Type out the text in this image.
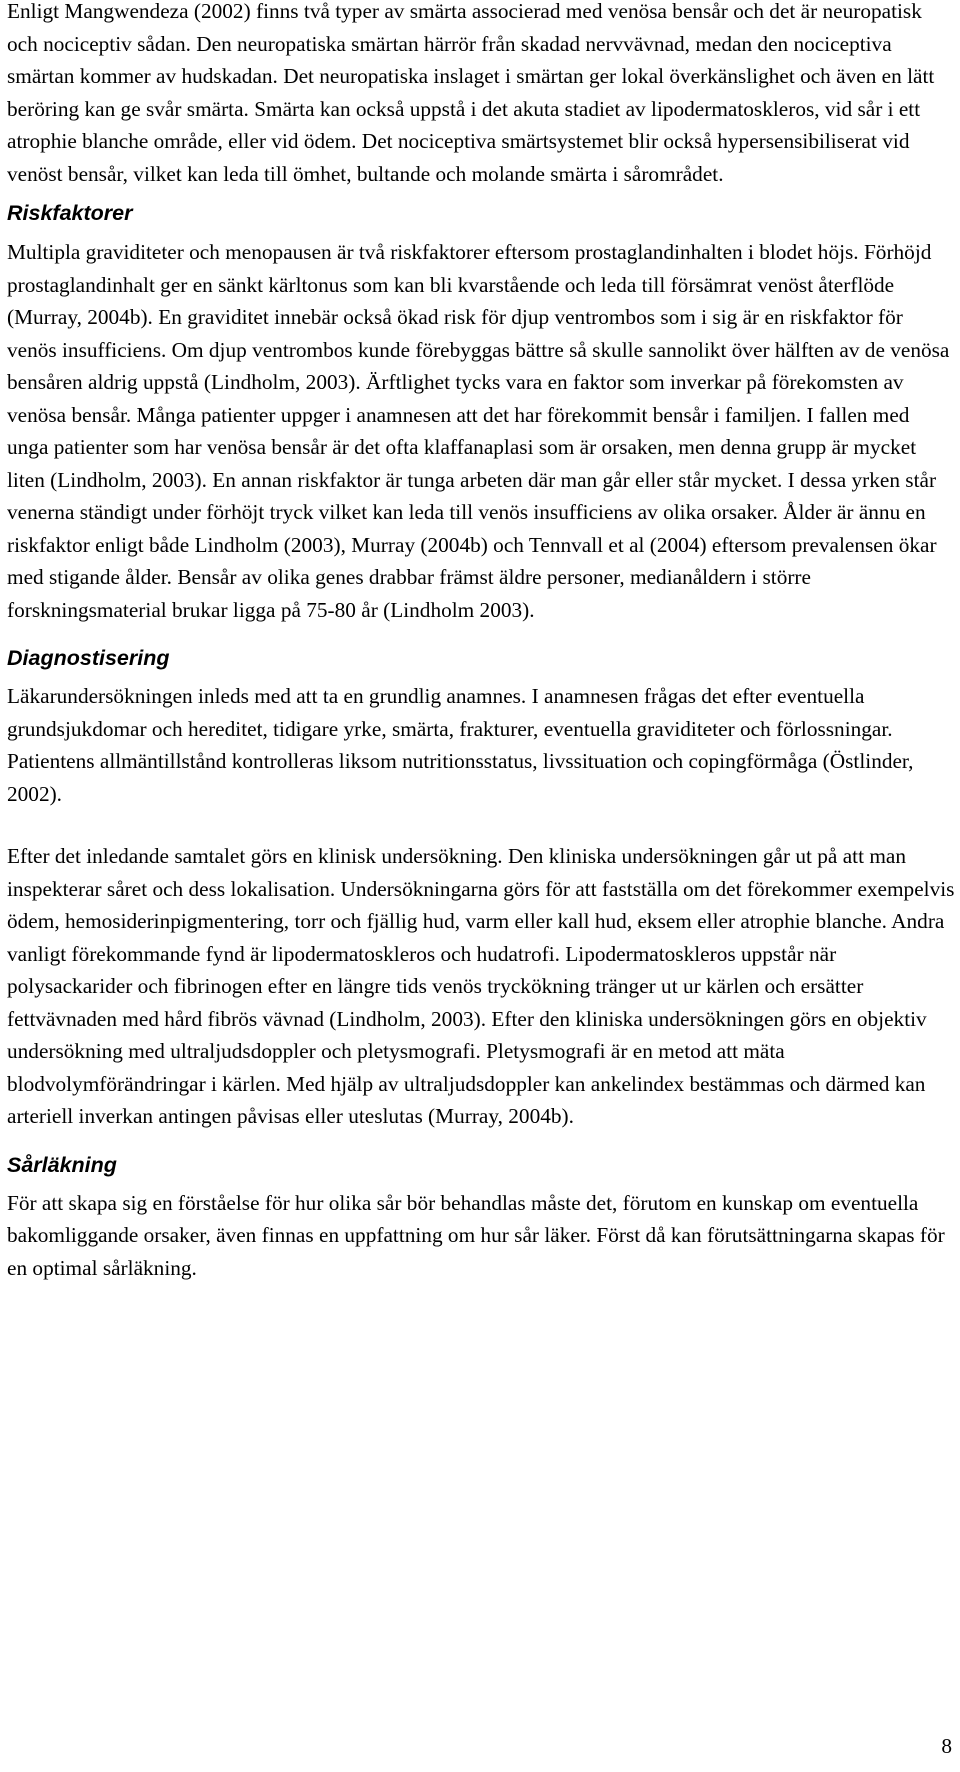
Enligt Mangwendeza (2002) finns två typer av smärta associerad med venösa bensår och det är neuropatisk och nociceptiv sådan. Den neuropatiska smärtan härrör från skadad nervvävnad, medan den nociceptiva smärtan kommer av hudskadan. Det neuropatiska inslaget i smärtan ger lokal överkänslighet och även en lätt beröring kan ge svår smärta. Smärta kan också uppstå i det akuta stadiet av lipodermatoskleros, vid sår i ett atrophie blanche område, eller vid ödem. Det nociceptiva smärtsystemet blir också hypersensibiliserat vid venöst bensår, vilket kan leda till ömhet, bultande och molande smärta i sårområdet.

Riskfaktorer

Multipla graviditeter och menopausen är två riskfaktorer eftersom prostaglandinhalten i blodet höjs. Förhöjd prostaglandinhalt ger en sänkt kärltonus som kan bli kvarstående och leda till försämrat venöst återflöde (Murray, 2004b). En graviditet innebär också ökad risk för djup ventrombos som i sig är en riskfaktor för venös insufficiens. Om djup ventrombos kunde förebyggas bättre så skulle sannolikt över hälften av de venösa bensåren aldrig uppstå (Lindholm, 2003). Ärftlighet tycks vara en faktor som inverkar på förekomsten av venösa bensår. Många patienter uppger i anamnesen att det har förekommit bensår i familjen. I fallen med unga patienter som har venösa bensår är det ofta klaffanaplasi som är orsaken, men denna grupp är mycket liten (Lindholm, 2003). En annan riskfaktor är tunga arbeten där man går eller står mycket. I dessa yrken står venerna ständigt under förhöjt tryck vilket kan leda till venös insufficiens av olika orsaker. Ålder är ännu en riskfaktor enligt både Lindholm (2003), Murray (2004b) och Tennvall et al (2004) eftersom prevalensen ökar med stigande ålder. Bensår av olika genes drabbar främst äldre personer, medianåldern i större forskningsmaterial brukar ligga på 75-80 år (Lindholm 2003).

Diagnostisering

Läkarundersökningen inleds med att ta en grundlig anamnes. I anamnesen frågas det efter eventuella grundsjukdomar och hereditet, tidigare yrke, smärta, frakturer, eventuella graviditeter och förlossningar. Patientens allmäntillstånd kontrolleras liksom nutritionsstatus, livssituation och copingförmåga (Östlinder, 2002).

Efter det inledande samtalet görs en klinisk undersökning. Den kliniska undersökningen går ut på att man inspekterar såret och dess lokalisation. Undersökningarna görs för att fastställa om det förekommer exempelvis ödem, hemosiderinpigmentering, torr och fjällig hud, varm eller kall hud, eksem eller atrophie blanche. Andra vanligt förekommande fynd är lipodermatoskleros och hudatrofi. Lipodermatoskleros uppstår när polysackarider och fibrinogen efter en längre tids venös tryckökning tränger ut ur kärlen och ersätter fettvävnaden med hård fibrös vävnad (Lindholm, 2003). Efter den kliniska undersökningen görs en objektiv undersökning med ultraljudsdoppler och pletysmografi. Pletysmografi är en metod att mäta blodvolymförändringar i kärlen. Med hjälp av ultraljudsdoppler kan ankelindex bestämmas och därmed kan arteriell inverkan antingen påvisas eller uteslutas (Murray, 2004b).

Sårläkning

För att skapa sig en förståelse för hur olika sår bör behandlas måste det, förutom en kunskap om eventuella bakomliggande orsaker, även finnas en uppfattning om hur sår läker. Först då kan förutsättningarna skapas för en optimal sårläkning.

8
